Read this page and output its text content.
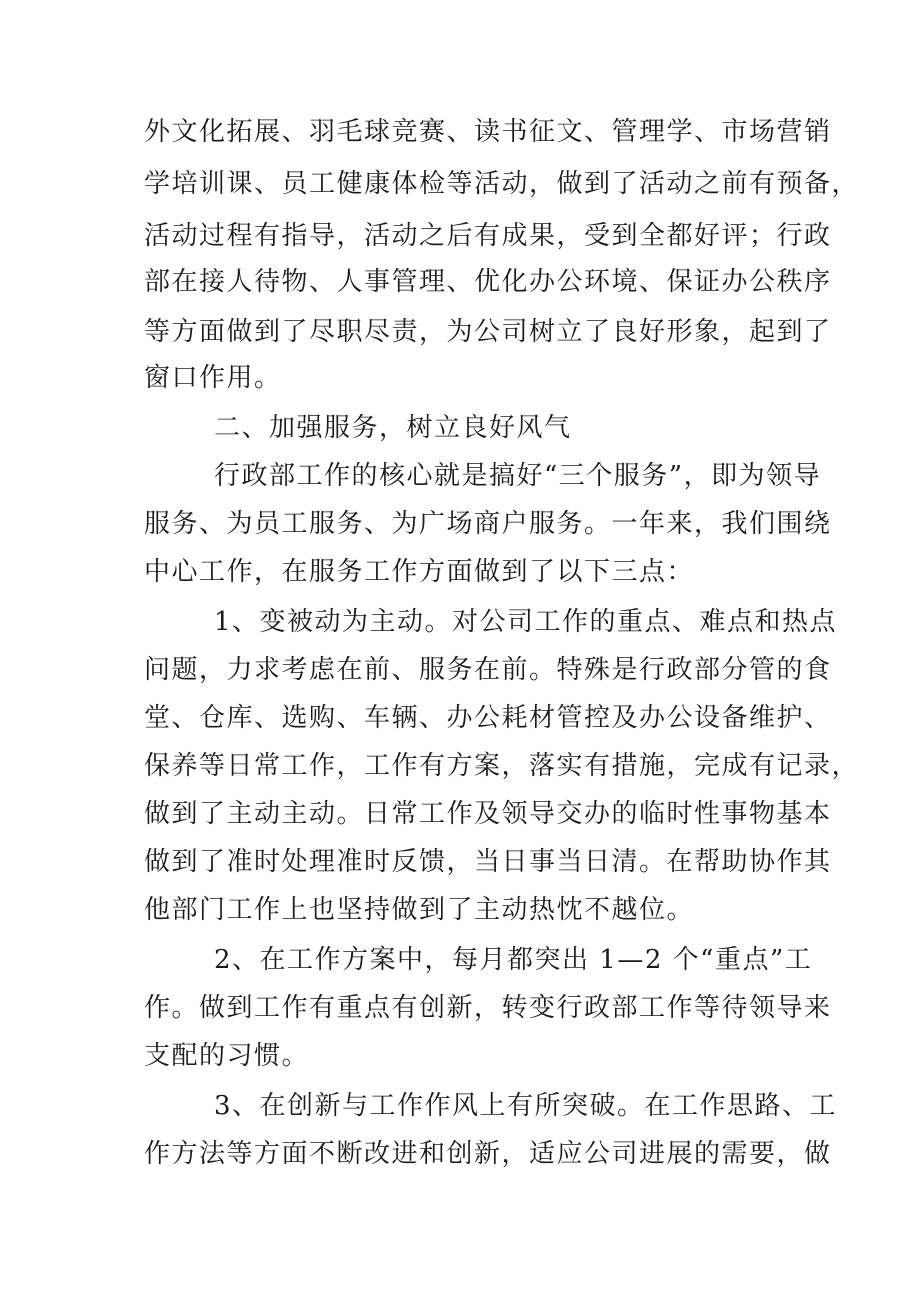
外文化拓展、羽毛球竞赛、读书征文、管理学、市场营销
学培训课、员工健康体检等活动，做到了活动之前有预备，
活动过程有指导，活动之后有成果，受到全都好评；行政
部在接人待物、人事管理、优化办公环境、保证办公秩序
等方面做到了尽职尽责，为公司树立了良好形象，起到了
窗口作用。
二、加强服务，树立良好风气
行政部工作的核心就是搞好“三个服务”，即为领导
服务、为员工服务、为广场商户服务。一年来，我们围绕
中心工作，在服务工作方面做到了以下三点：
1、变被动为主动。对公司工作的重点、难点和热点
问题，力求考虑在前、服务在前。特殊是行政部分管的食
堂、仓库、选购、车辆、办公耗材管控及办公设备维护、
保养等日常工作，工作有方案，落实有措施，完成有记录，
做到了主动主动。日常工作及领导交办的临时性事物基本
做到了准时处理准时反馈，当日事当日清。在帮助协作其
他部门工作上也坚持做到了主动热忱不越位。
2、在工作方案中，每月都突出 1—2 个“重点”工
作。做到工作有重点有创新，转变行政部工作等待领导来
支配的习惯。
3、在创新与工作作风上有所突破。在工作思路、工
作方法等方面不断改进和创新，适应公司进展的需要，做
